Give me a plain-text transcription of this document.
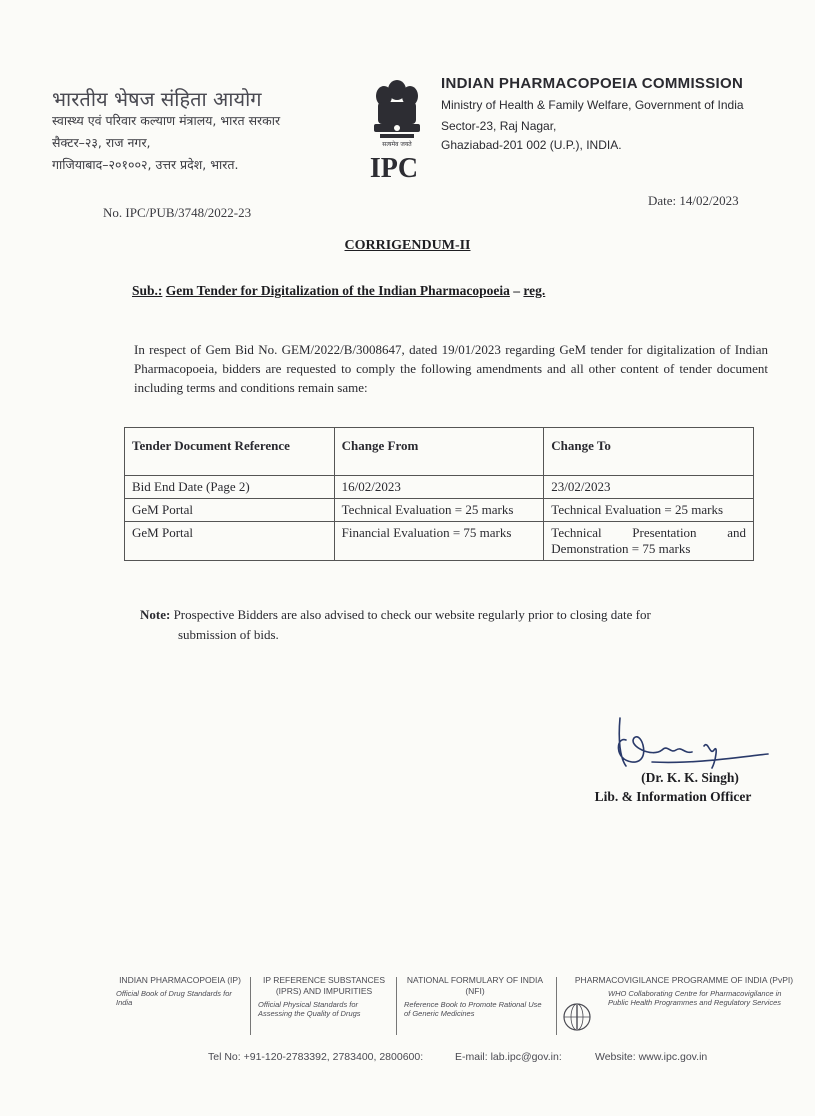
भारतीय भेषज संहिता आयोग
स्वास्थ्य एवं परिवार कल्याण मंत्रालय, भारत सरकार
सैक्टर–२३, राज नगर,
गाजियाबाद–२०१००२, उत्तर प्रदेश, भारत.
सत्यमेव जयते
IPC
INDIAN PHARMACOPOEIA COMMISSION
Ministry of Health & Family Welfare, Government of India
Sector-23, Raj Nagar,
Ghaziabad-201 002 (U.P.), INDIA.
No. IPC/PUB/3748/2022-23
Date: 14/02/2023
CORRIGENDUM-II
Sub.: Gem Tender for Digitalization of the Indian Pharmacopoeia – reg.
In respect of Gem Bid No. GEM/2022/B/3008647, dated 19/01/2023 regarding GeM tender for digitalization of Indian Pharmacopoeia, bidders are requested to comply the following amendments and all other content of tender document including terms and conditions remain same:
Tender Document Reference	Change From	Change To
Bid End Date (Page 2)	16/02/2023	23/02/2023
GeM Portal	Technical Evaluation = 25 marks	Technical Evaluation = 25 marks
GeM Portal	Financial Evaluation = 75 marks	Technical Presentation and Demonstration = 75 marks
Note: Prospective Bidders are also advised to check our website regularly prior to closing date for
submission of bids.
(Dr. K. K. Singh)
Lib. & Information Officer
INDIAN PHARMACOPOEIA (IP)
Official Book of Drug Standards for India
IP REFERENCE SUBSTANCES (IPRS) AND IMPURITIES
Official Physical Standards for Assessing the Quality of Drugs
NATIONAL FORMULARY OF INDIA (NFI)
Reference Book to Promote Rational Use of Generic Medicines
PHARMACOVIGILANCE PROGRAMME OF INDIA (PvPI)
WHO Collaborating Centre for Pharmacovigilance in Public Health Programmes and Regulatory Services
Tel No: +91-120-2783392, 2783400, 2800600:	E-mail: lab.ipc@gov.in:	Website: www.ipc.gov.in
